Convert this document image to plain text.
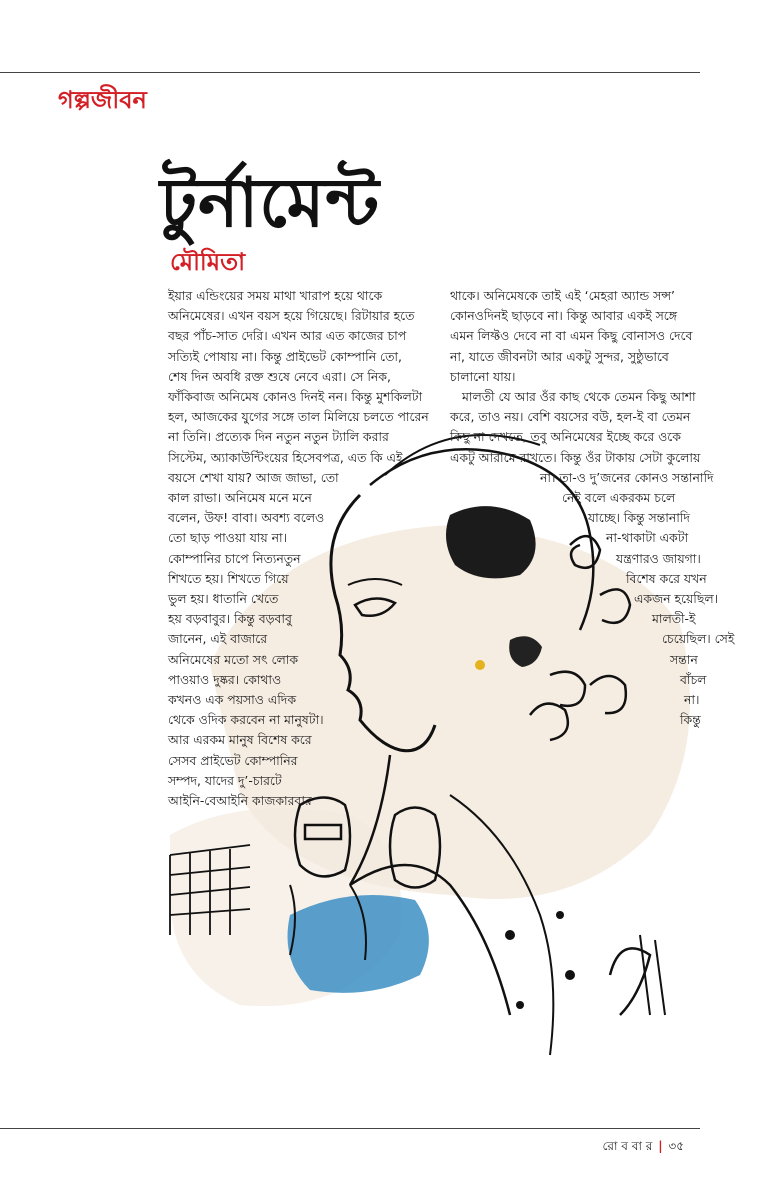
গল্পজীবন
টুর্নামেন্ট
মৌমিতা
ইয়ার এন্ডিংয়ের সময় মাথা খারাপ হয়ে থাকে
অনিমেষের। এখন বয়স হয়ে গিয়েছে। রিটায়ার হতে
বছর পাঁচ-সাত দেরি। এখন আর এত কাজের চাপ
সত্যিই পোষায় না। কিন্তু প্রাইভেট কোম্পানি তো,
শেষ দিন অবধি রক্ত শুষে নেবে এরা। সে নিক,
ফাঁকিবাজ অনিমেষ কোনও দিনই নন। কিন্তু মুশকিলটা
হল, আজকের যুগের সঙ্গে তাল মিলিয়ে চলতে পারেন
না তিনি। প্রত্যেক দিন নতুন নতুন ট্যালি করার
সিস্টেম, অ্যাকাউন্টিংয়ের হিসেবপত্র, এত কি এই
বয়সে শেখা যায়? আজ জাভা, তো
কাল রাভা। অনিমেষ মনে মনে
বলেন, উফ! বাবা। অবশ্য বলেও
তো ছাড় পাওয়া যায় না।
কোম্পানির চাপে নিত্যনতুন
শিখতে হয়। শিখতে গিয়ে
ভুল হয়। ধাতানি খেতে
হয় বড়বাবুর। কিন্তু বড়বাবু
জানেন, এই বাজারে
অনিমেষের মতো সৎ লোক
পাওয়াও দুষ্কর। কোথাও
কখনও এক পয়সাও এদিক
থেকে ওদিক করবেন না মানুষটা।
আর এরকম মানুষ বিশেষ করে
সেসব প্রাইভেট কোম্পানির
সম্পদ, যাদের দু’-চারটে
আইনি-বেআইনি কাজকারবার
থাকে। অনিমেষকে তাই এই ‘মেহরা অ্যান্ড সন্স’
কোনওদিনই ছাড়বে না। কিন্তু আবার একই সঙ্গে
এমন লিফ্টও দেবে না বা এমন কিছু বোনাসও দেবে
না, যাতে জীবনটা আর একটু সুন্দর, সুষ্ঠুভাবে
চালানো যায়।
মালতী যে আর ওঁর কাছ থেকে তেমন কিছু আশা
করে, তাও নয়। বেশি বয়সের বউ, হল-ই বা তেমন
কিছু না দেখতে, তবু অনিমেষের ইচ্ছে করে ওকে
একটু আরামে রাখতে। কিন্তু ওঁর টাকায় সেটা কুলোয়
না। তা-ও দু’জনের কোনও সন্তানাদি
নেই বলে একরকম চলে
যাচ্ছে। কিন্তু সন্তানাদি
না-থাকাটা একটা
যন্ত্রণারও জায়গা।
বিশেষ করে যখন
একজন হয়েছিল।
মালতী-ই
চেয়েছিল। সেই
সন্তান
বাঁচল
না।
কিন্তু
রো ব বা র | ৩৫
